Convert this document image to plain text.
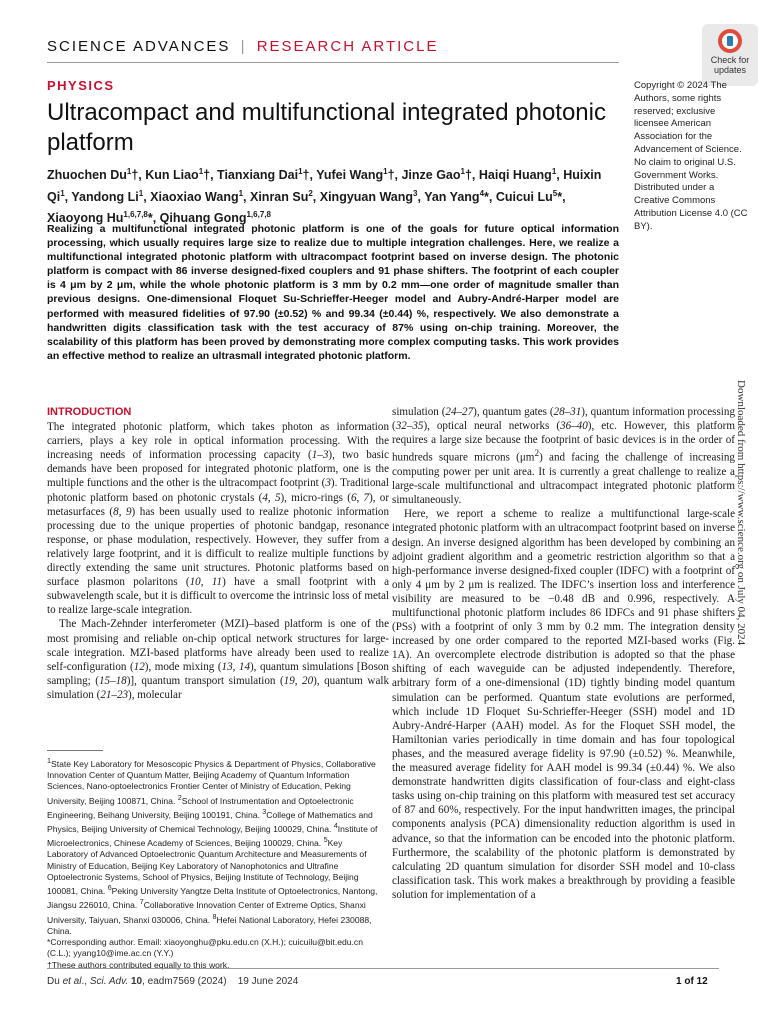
SCIENCE ADVANCES | RESEARCH ARTICLE
Check for
updates
PHYSICS
Ultracompact and multifunctional integrated photonic platform
Zhuochen Du$^1$†, Kun Liao$^1$†, Tianxiang Dai$^1$†, Yufei Wang$^1$†, Jinze Gao$^1$†, Haiqi Huang$^1$, Huixin Qi$^1$, Yandong Li$^1$, Xiaoxiao Wang$^1$, Xinran Su$^2$, Xingyuan Wang$^3$, Yan Yang$^4$*, Cuicui Lu$^5$*, Xiaoyong Hu$^{1,6,7,8}$*, Qihuang Gong$^{1,6,7,8}$
Copyright © 2024 The Authors, some rights reserved; exclusive licensee American Association for the Advancement of Science. No claim to original U.S. Government Works. Distributed under a Creative Commons Attribution License 4.0 (CC BY).
Realizing a multifunctional integrated photonic platform is one of the goals for future optical information processing, which usually requires large size to realize due to multiple integration challenges. Here, we realize a multifunctional integrated photonic platform with ultracompact footprint based on inverse design. The photonic platform is compact with 86 inverse designed-fixed couplers and 91 phase shifters. The footprint of each coupler is 4 μm by 2 μm, while the whole photonic platform is 3 mm by 0.2 mm—one order of magnitude smaller than previous designs. One-dimensional Floquet Su-Schrieffer-Heeger model and Aubry-André-Harper model are performed with measured fidelities of 97.90 (±0.52) % and 99.34 (±0.44) %, respectively. We also demonstrate a handwritten digits classification task with the test accuracy of 87% using on-chip training. Moreover, the scalability of this platform has been proved by demonstrating more complex computing tasks. This work provides an effective method to realize an ultrasmall integrated photonic platform.
Downloaded from https://www.science.org on July 04, 2024
INTRODUCTION

The integrated photonic platform, which takes photon as information carriers, plays a key role in optical information processing. With the increasing needs of information processing capacity (1–3), two basic demands have been proposed for integrated photonic platform, one is the multiple functions and the other is the ultracompact footprint (3). Traditional photonic platform based on photonic crystals (4, 5), micro-rings (6, 7), or metasurfaces (8, 9) has been usually used to realize photonic information processing due to the unique properties of photonic bandgap, resonance response, or phase modulation, respectively. However, they suffer from a relatively large footprint, and it is difficult to realize multiple functions by directly extending the same unit structures. Photonic platforms based on surface plasmon polaritons (10, 11) have a small footprint with a subwavelength scale, but it is difficult to overcome the intrinsic loss of metal to realize large-scale integration.

The Mach-Zehnder interferometer (MZI)–based platform is one of the most promising and reliable on-chip optical network structures for large-scale integration. MZI-based platforms have already been used to realize self-configuration (12), mode mixing (13, 14), quantum simulations [Boson sampling; (15–18)], quantum transport simulation (19, 20), quantum walk simulation (21–23), molecular

$^1$State Key Laboratory for Mesoscopic Physics & Department of Physics, Collaborative Innovation Center of Quantum Matter, Beijing Academy of Quantum Information Sciences, Nano-optoelectronics Frontier Center of Ministry of Education, Peking University, Beijing 100871, China. $^2$School of Instrumentation and Optoelectronic Engineering, Beihang University, Beijing 100191, China. $^3$College of Mathematics and Physics, Beijing University of Chemical Technology, Beijing 100029, China. $^4$Institute of Microelectronics, Chinese Academy of Sciences, Beijing 100029, China. $^5$Key Laboratory of Advanced Optoelectronic Quantum Architecture and Measurements of Ministry of Education, Beijing Key Laboratory of Nanophotonics and Ultrafine Optoelectronic Systems, School of Physics, Beijing Institute of Technology, Beijing 100081, China. $^6$Peking University Yangtze Delta Institute of Optoelectronics, Nantong, Jiangsu 226010, China. $^7$Collaborative Innovation Center of Extreme Optics, Shanxi University, Taiyuan, Shanxi 030006, China. $^8$Hefei National Laboratory, Hefei 230088, China.

*Corresponding author. Email: xiaoyonghu@pku.edu.cn (X.H.); cuicuilu@bit.edu.cn (C.L.); yyang10@ime.ac.cn (Y.Y.)

†These authors contributed equally to this work.

simulation (24–27), quantum gates (28–31), quantum information processing (32–35), optical neural networks (36–40), etc. However, this platform requires a large size because the footprint of basic devices is in the order of hundreds square microns $(\mu m^2)$ and facing the challenge of increasing computing power per unit area. It is currently a great challenge to realize a large-scale multifunctional and ultracompact integrated photonic platform simultaneously.

Here, we report a scheme to realize a multifunctional large-scale integrated photonic platform with an ultracompact footprint based on inverse design. An inverse designed algorithm has been developed by combining an adjoint gradient algorithm and a geometric restriction algorithm so that a high-performance inverse designed-fixed coupler (IDFC) with a footprint of only 4 μm by 2 μm is realized. The IDFC’s insertion loss and interference visibility are measured to be −0.48 dB and 0.996, respectively. A multifunctional photonic platform includes 86 IDFCs and 91 phase shifters (PSs) with a footprint of only 3 mm by 0.2 mm. The integration density increased by one order compared to the reported MZI-based works (Fig. 1A). An overcomplete electrode distribution is adopted so that the phase shifting of each waveguide can be adjusted independently. Therefore, arbitrary form of a one-dimensional (1D) tightly binding model quantum simulation can be performed. Quantum state evolutions are performed, which include 1D Floquet Su-Schrieffer-Heeger (SSH) model and 1D Aubry-André-Harper (AAH) model. As for the Floquet SSH model, the Hamiltonian varies periodically in time domain and has four topological phases, and the measured average fidelity is 97.90 (±0.52) %. Meanwhile, the measured average fidelity for AAH model is 99.34 (±0.44) %. We also demonstrate handwritten digits classification of four-class and eight-class tasks using on-chip training on this platform with measured test set accuracy of 87 and 60%, respectively. For the input handwritten images, the principal components analysis (PCA) dimensionality reduction algorithm is used in advance, so that the information can be encoded into the photonic platform. Furthermore, the scalability of the photonic platform is demonstrated by calculating 2D quantum simulation for disorder SSH model and 10-class classification task. This work makes a breakthrough by providing a feasible solution for implementation of a

Du et al., Sci. Adv. 10, eadm7569 (2024)    19 June 2024	1 of 12
